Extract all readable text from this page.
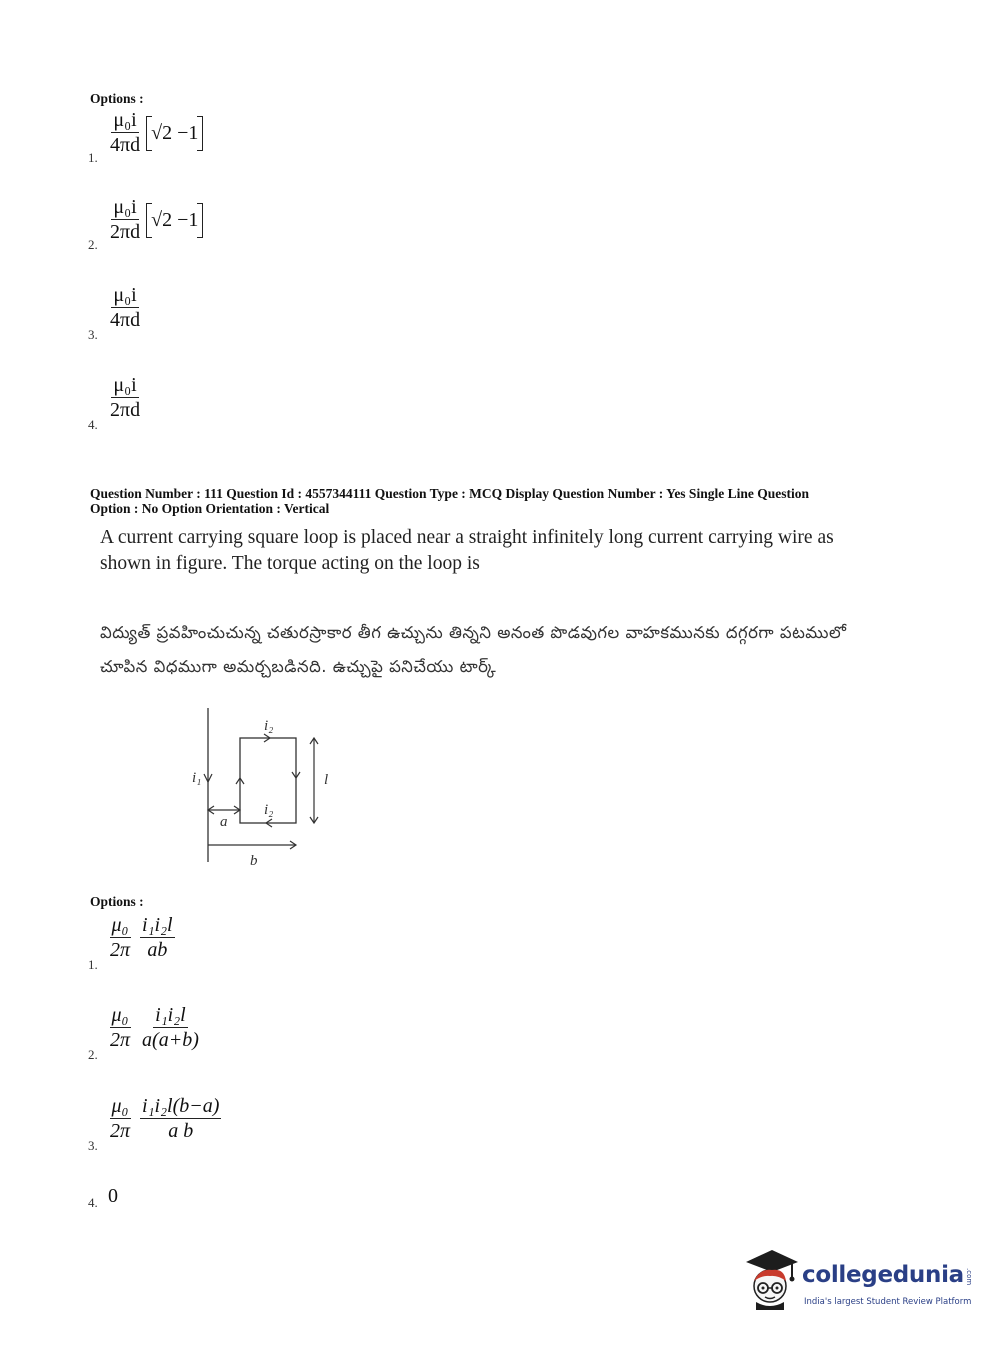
Options :
1.
$\frac{\text{μ₀i}}{4\pi d} √2 -1$
2.
$\frac{\text{μ₀i}}{2\pi d} √2 -1$
3.
$\frac{\text{μ₀i}}{4\pi d}$
4.
$\frac{\text{μ₀i}}{2\pi d}$
Question Number : 111 Question Id : 4557344111 Question Type : MCQ Display Question Number : Yes Single Line Question
Option : No Option Orientation : Vertical
A current carrying square loop is placed near a straight infinitely long current carrying wire as shown in figure. The torque acting on the loop is
విద్యుత్ ప్రవహించుచున్న చతురస్రాకార తీగ ఉచ్చును తిన్నని అనంత పొడవుగల వాహకమునకు దగ్గరగా పటములో చూపిన విధముగా అమర్చబడినది. ఉచ్చుపై పనిచేయు టార్క్
i₂
i₁
i₂
a
l
b
Options :
1.
$\frac{\text{μ₀}}{2\pi} \frac{\text{i₁i₂l}}{ab}$
2.
$\frac{\text{μ₀}}{2\pi} \frac{\text{i₁i₂l}}{a(a+b)}$
3.
$\frac{\text{μ₀}}{2\pi} \frac{\text{i₁i₂l(b−a)}}{\text{a b}}$
4. 0
collegedunia .com
India's largest Student Review Platform
